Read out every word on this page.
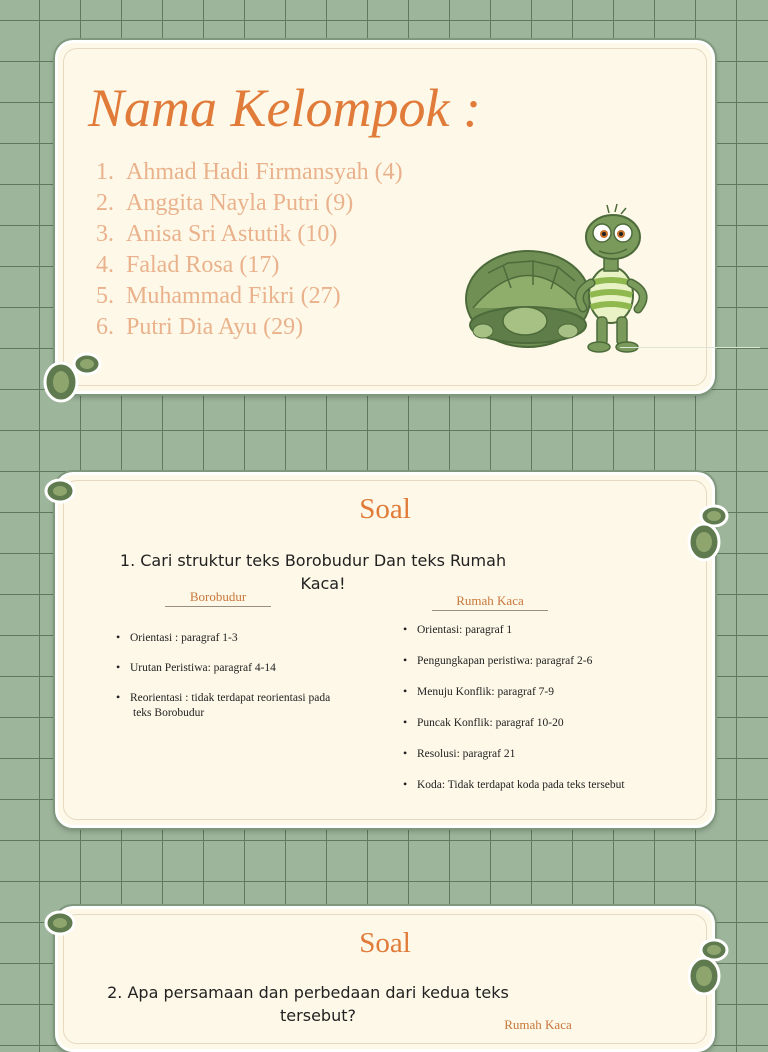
Nama Kelompok :
1. Ahmad Hadi Firmansyah (4)
2. Anggita Nayla Putri (9)
3. Anisa Sri Astutik (10)
4. Falad Rosa (17)
5. Muhammad Fikri (27)
6. Putri Dia Ayu (29)
Soal

1. Cari struktur teks Borobudur Dan teks Rumah
Kaca!

Borobudur
• Orientasi : paragraf 1-3
• Urutan Peristiwa: paragraf 4-14
• Reorientasi : tidak terdapat reorientasi pada
teks Borobudur
Rumah Kaca
• Orientasi: paragraf 1
• Pengungkapan peristiwa: paragraf 2-6
• Menuju Konflik: paragraf 7-9
• Puncak Konflik: paragraf 10-20
• Resolusi: paragraf 21
• Koda: Tidak terdapat koda pada teks tersebut
Soal

2. Apa persamaan dan perbedaan dari kedua teks
tersebut?	Rumah Kaca
